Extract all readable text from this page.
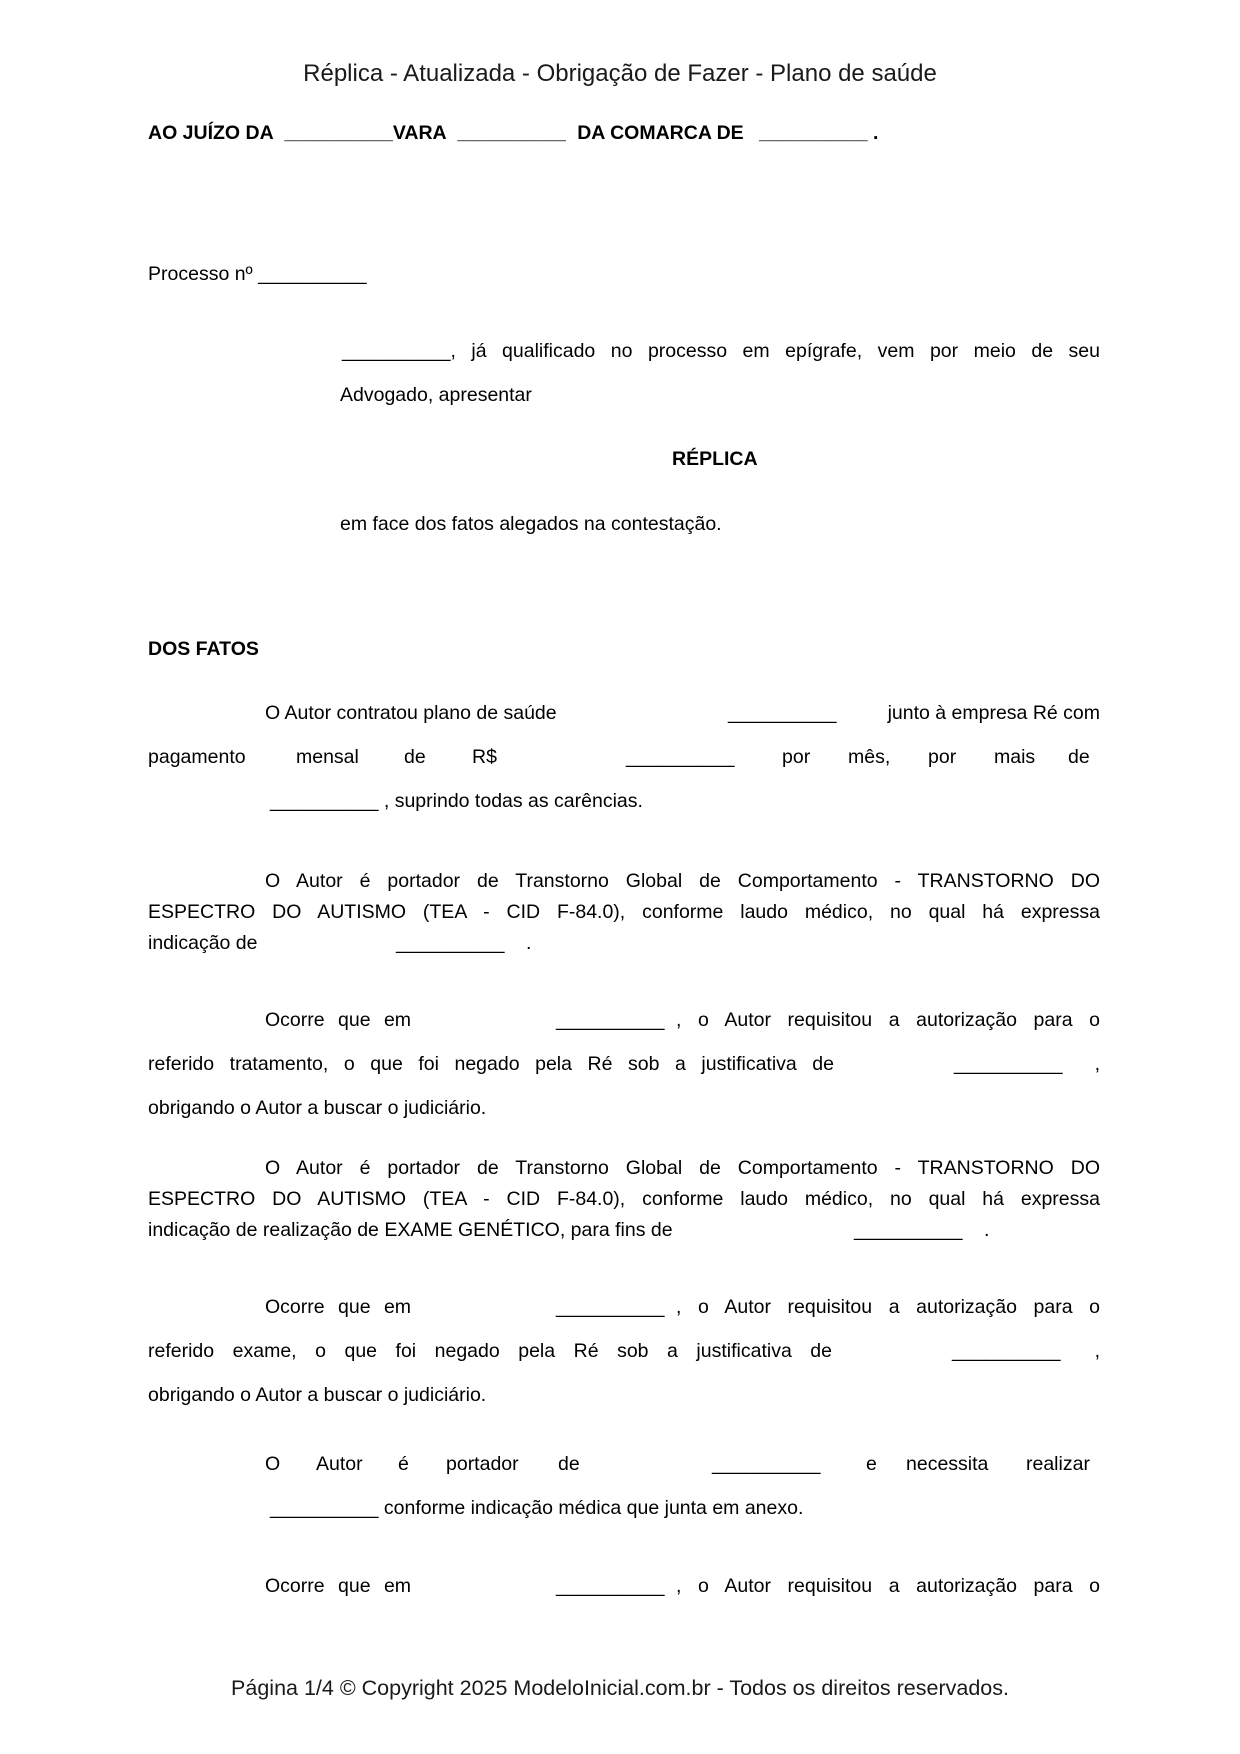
Réplica - Atualizada - Obrigação de Fazer - Plano de saúde
AO JUÍZO DA __________VARA __________ DA COMARCA DE __________ .
Processo nº __________
__________, já qualificado no processo em epígrafe, vem por meio de seu
Advogado, apresentar
RÉPLICA
em face dos fatos alegados na contestação.
DOS FATOS
O Autor contratou plano de saúde	__________	junto à empresa Ré com
pagamento	mensal de R$	__________ por mês, por mais de
__________ , suprindo todas as carências.
O Autor é portador de Transtorno Global de Comportamento - TRANSTORNO DO
ESPECTRO DO AUTISMO (TEA - CID F-84.0), conforme laudo médico, no qual há expressa
indicação de	__________ .
Ocorre que em	__________ , o Autor requisitou a autorização para o
referido tratamento, o que foi negado pela Ré sob a justificativa de	__________ ,
obrigando o Autor a buscar o judiciário.
O Autor é portador de Transtorno Global de Comportamento - TRANSTORNO DO
ESPECTRO DO AUTISMO (TEA - CID F-84.0), conforme laudo médico, no qual há expressa
indicação de realização de EXAME GENÉTICO, para fins de	__________ .
Ocorre que em	__________ , o Autor requisitou a autorização para o
referido exame, o que foi negado pela Ré sob a justificativa de	__________ ,
obrigando o Autor a buscar o judiciário.
O Autor é portador de	__________ e necessita realizar
__________ conforme indicação médica que junta em anexo.
Ocorre que em	__________ , o Autor requisitou a autorização para o
Página 1/4 © Copyright 2025 ModeloInicial.com.br - Todos os direitos reservados.
